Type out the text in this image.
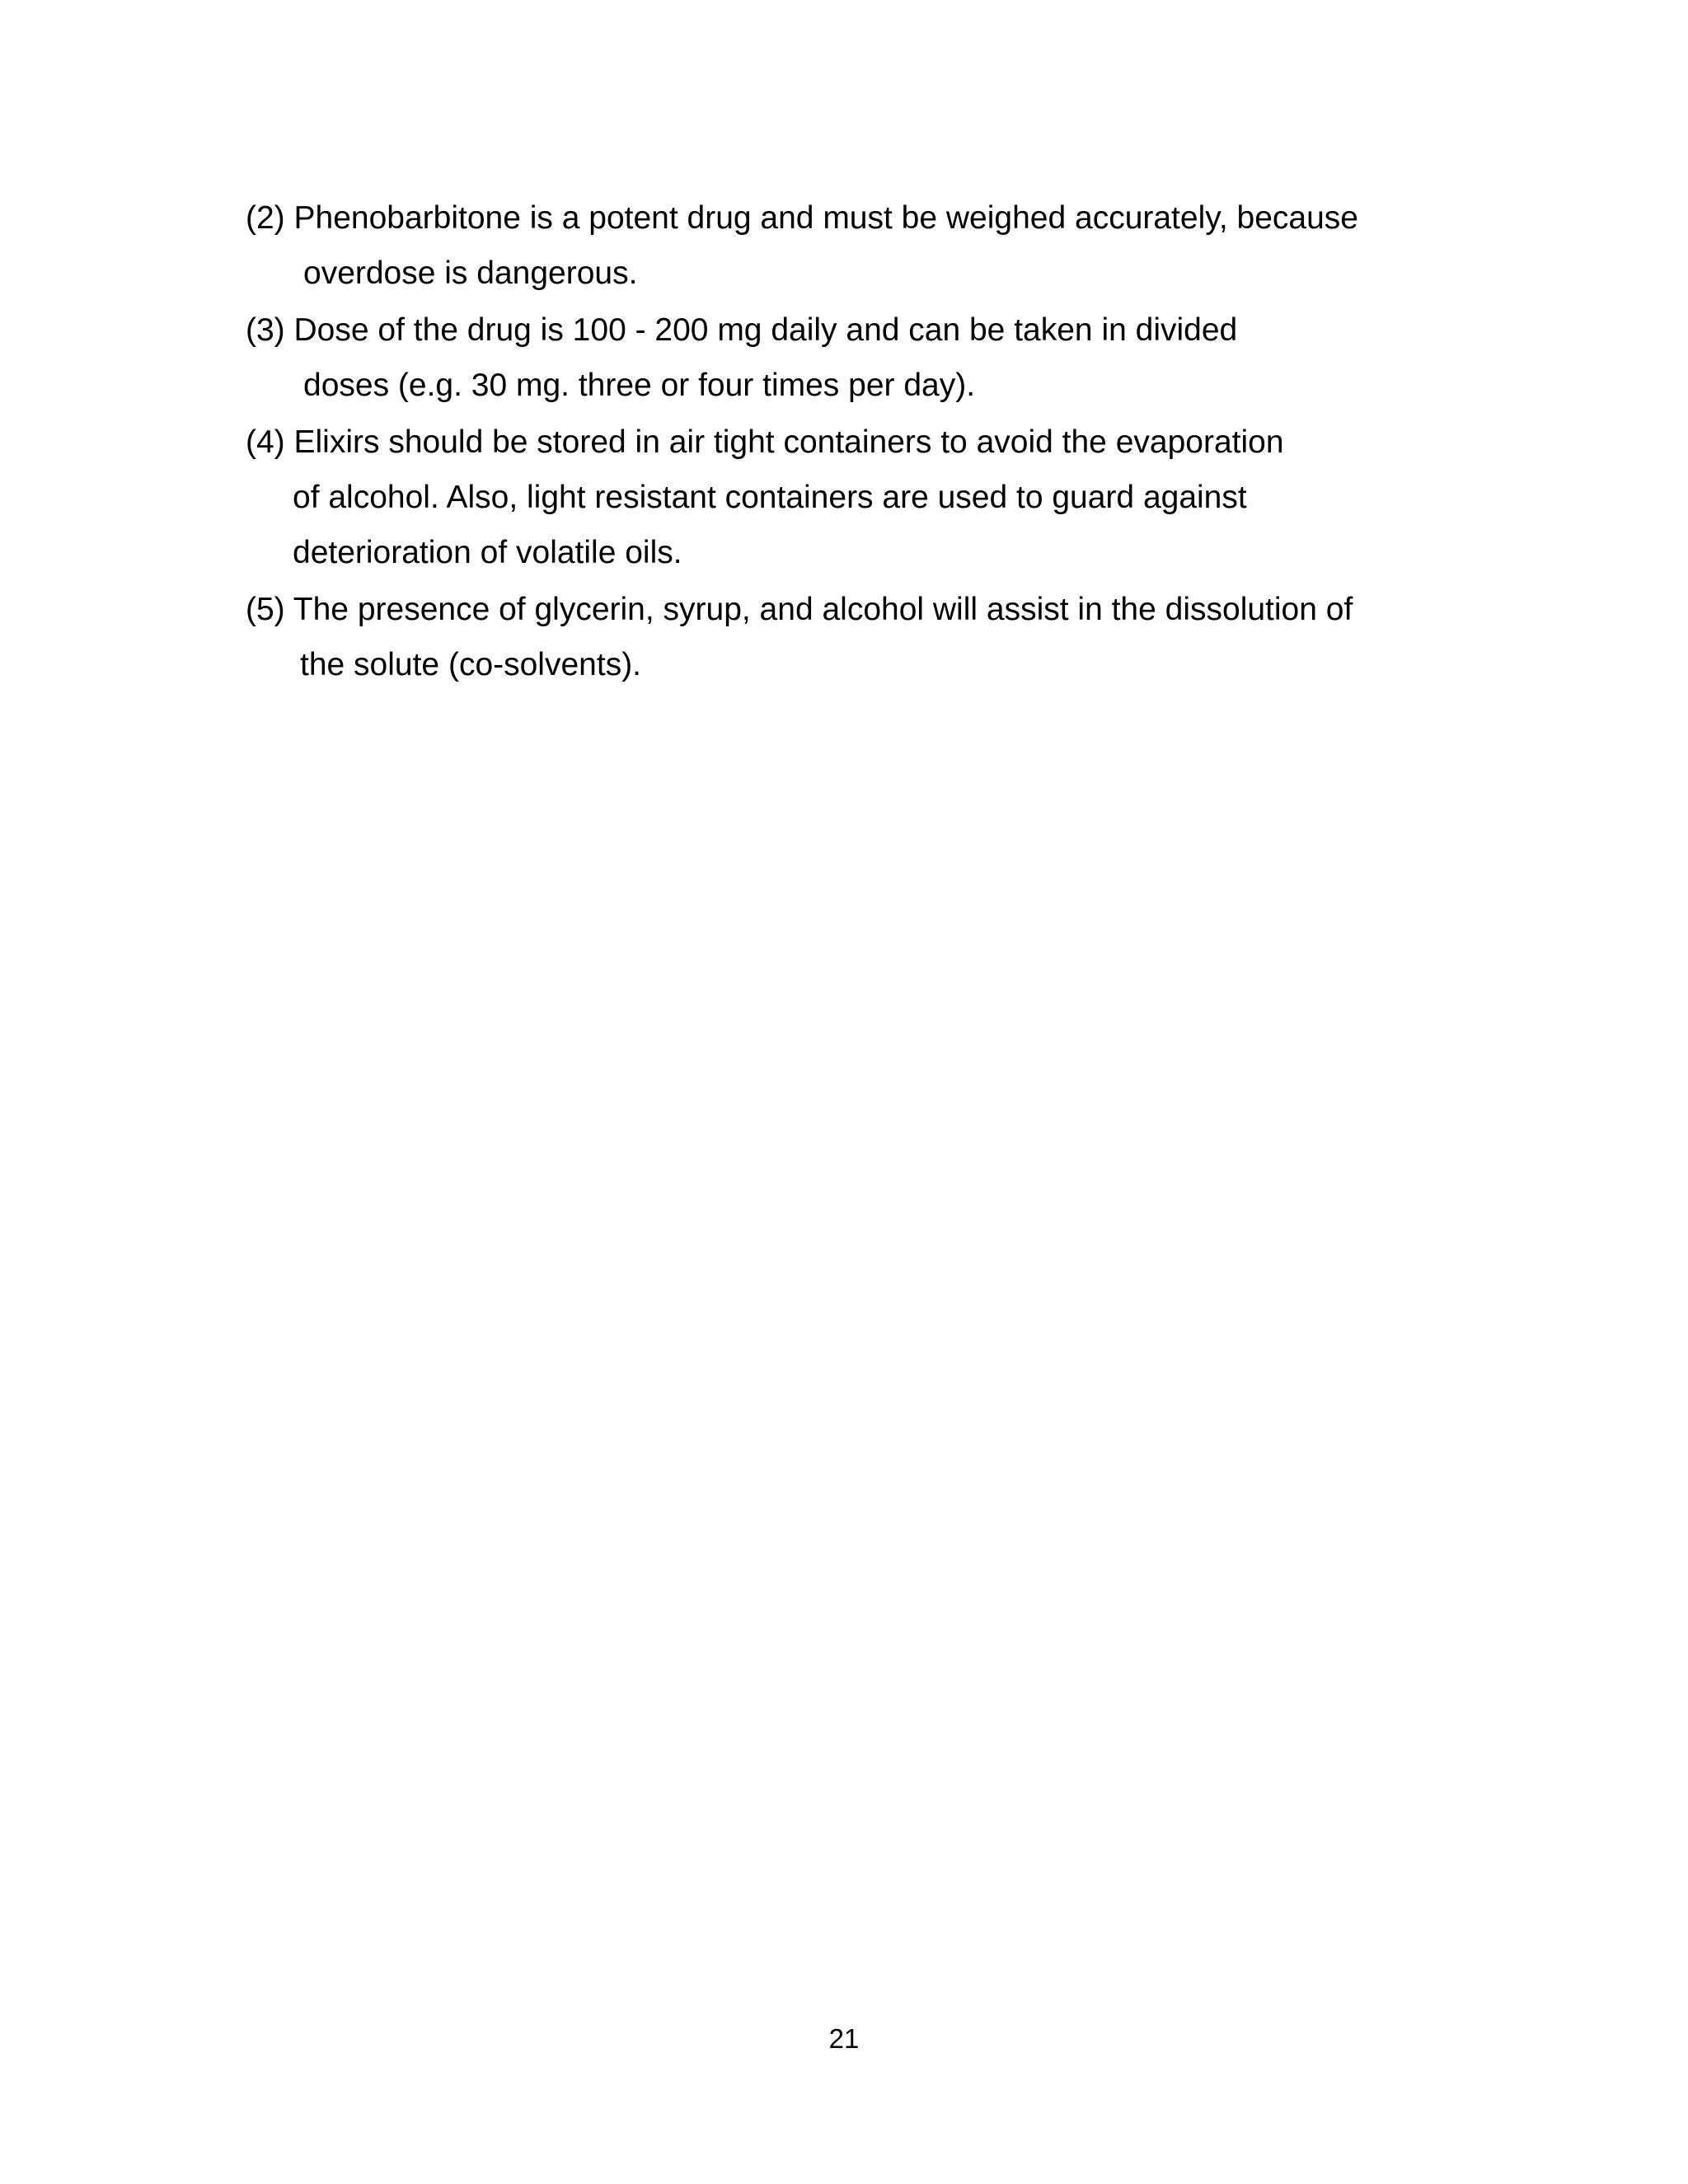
(2) Phenobarbitone is a potent drug and must be weighed accurately, because
overdose is dangerous.
(3) Dose of the drug is 100 - 200 mg daily and can be taken in divided
doses (e.g. 30 mg. three or four times per day).
(4) Elixirs should be stored in air tight containers to avoid the evaporation
of alcohol. Also, light resistant containers are used to guard against
deterioration of volatile oils.
(5) The presence of glycerin, syrup, and alcohol will assist in the dissolution of
the solute (co-solvents).
21
